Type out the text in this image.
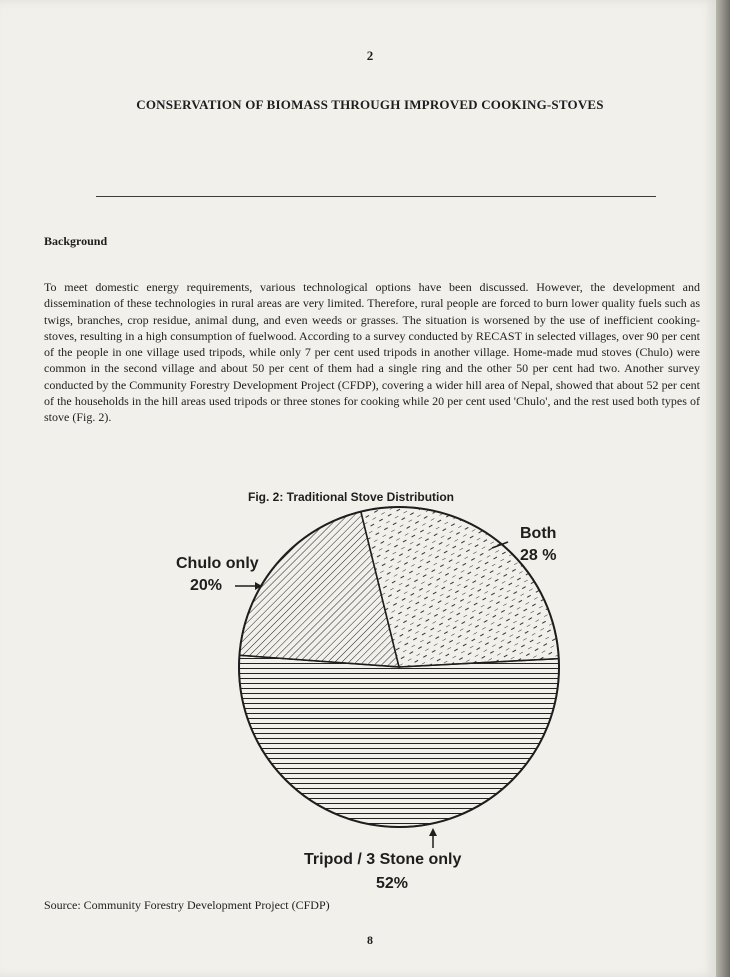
2
CONSERVATION OF BIOMASS THROUGH IMPROVED COOKING-STOVES
Background
To meet domestic energy requirements, various technological options have been discussed. However, the development and dissemination of these technologies in rural areas are very limited. Therefore, rural people are forced to burn lower quality fuels such as twigs, branches, crop residue, animal dung, and even weeds or grasses. The situation is worsened by the use of inefficient cooking-stoves, resulting in a high consumption of fuelwood. According to a survey conducted by RECAST in selected villages, over 90 per cent of the people in one village used tripods, while only 7 per cent used tripods in another village. Home-made mud stoves (Chulo) were common in the second village and about 50 per cent of them had a single ring and the other 50 per cent had two. Another survey conducted by the Community Forestry Development Project (CFDP), covering a wider hill area of Nepal, showed that about 52 per cent of the households in the hill areas used tripods or three stones for cooking while 20 per cent used 'Chulo', and the rest used both types of stove (Fig. 2).
Fig. 2: Traditional Stove Distribution
Chulo only
20%
Both
28 %
Tripod / 3 Stone only
52%
Source: Community Forestry Development Project (CFDP)
8
